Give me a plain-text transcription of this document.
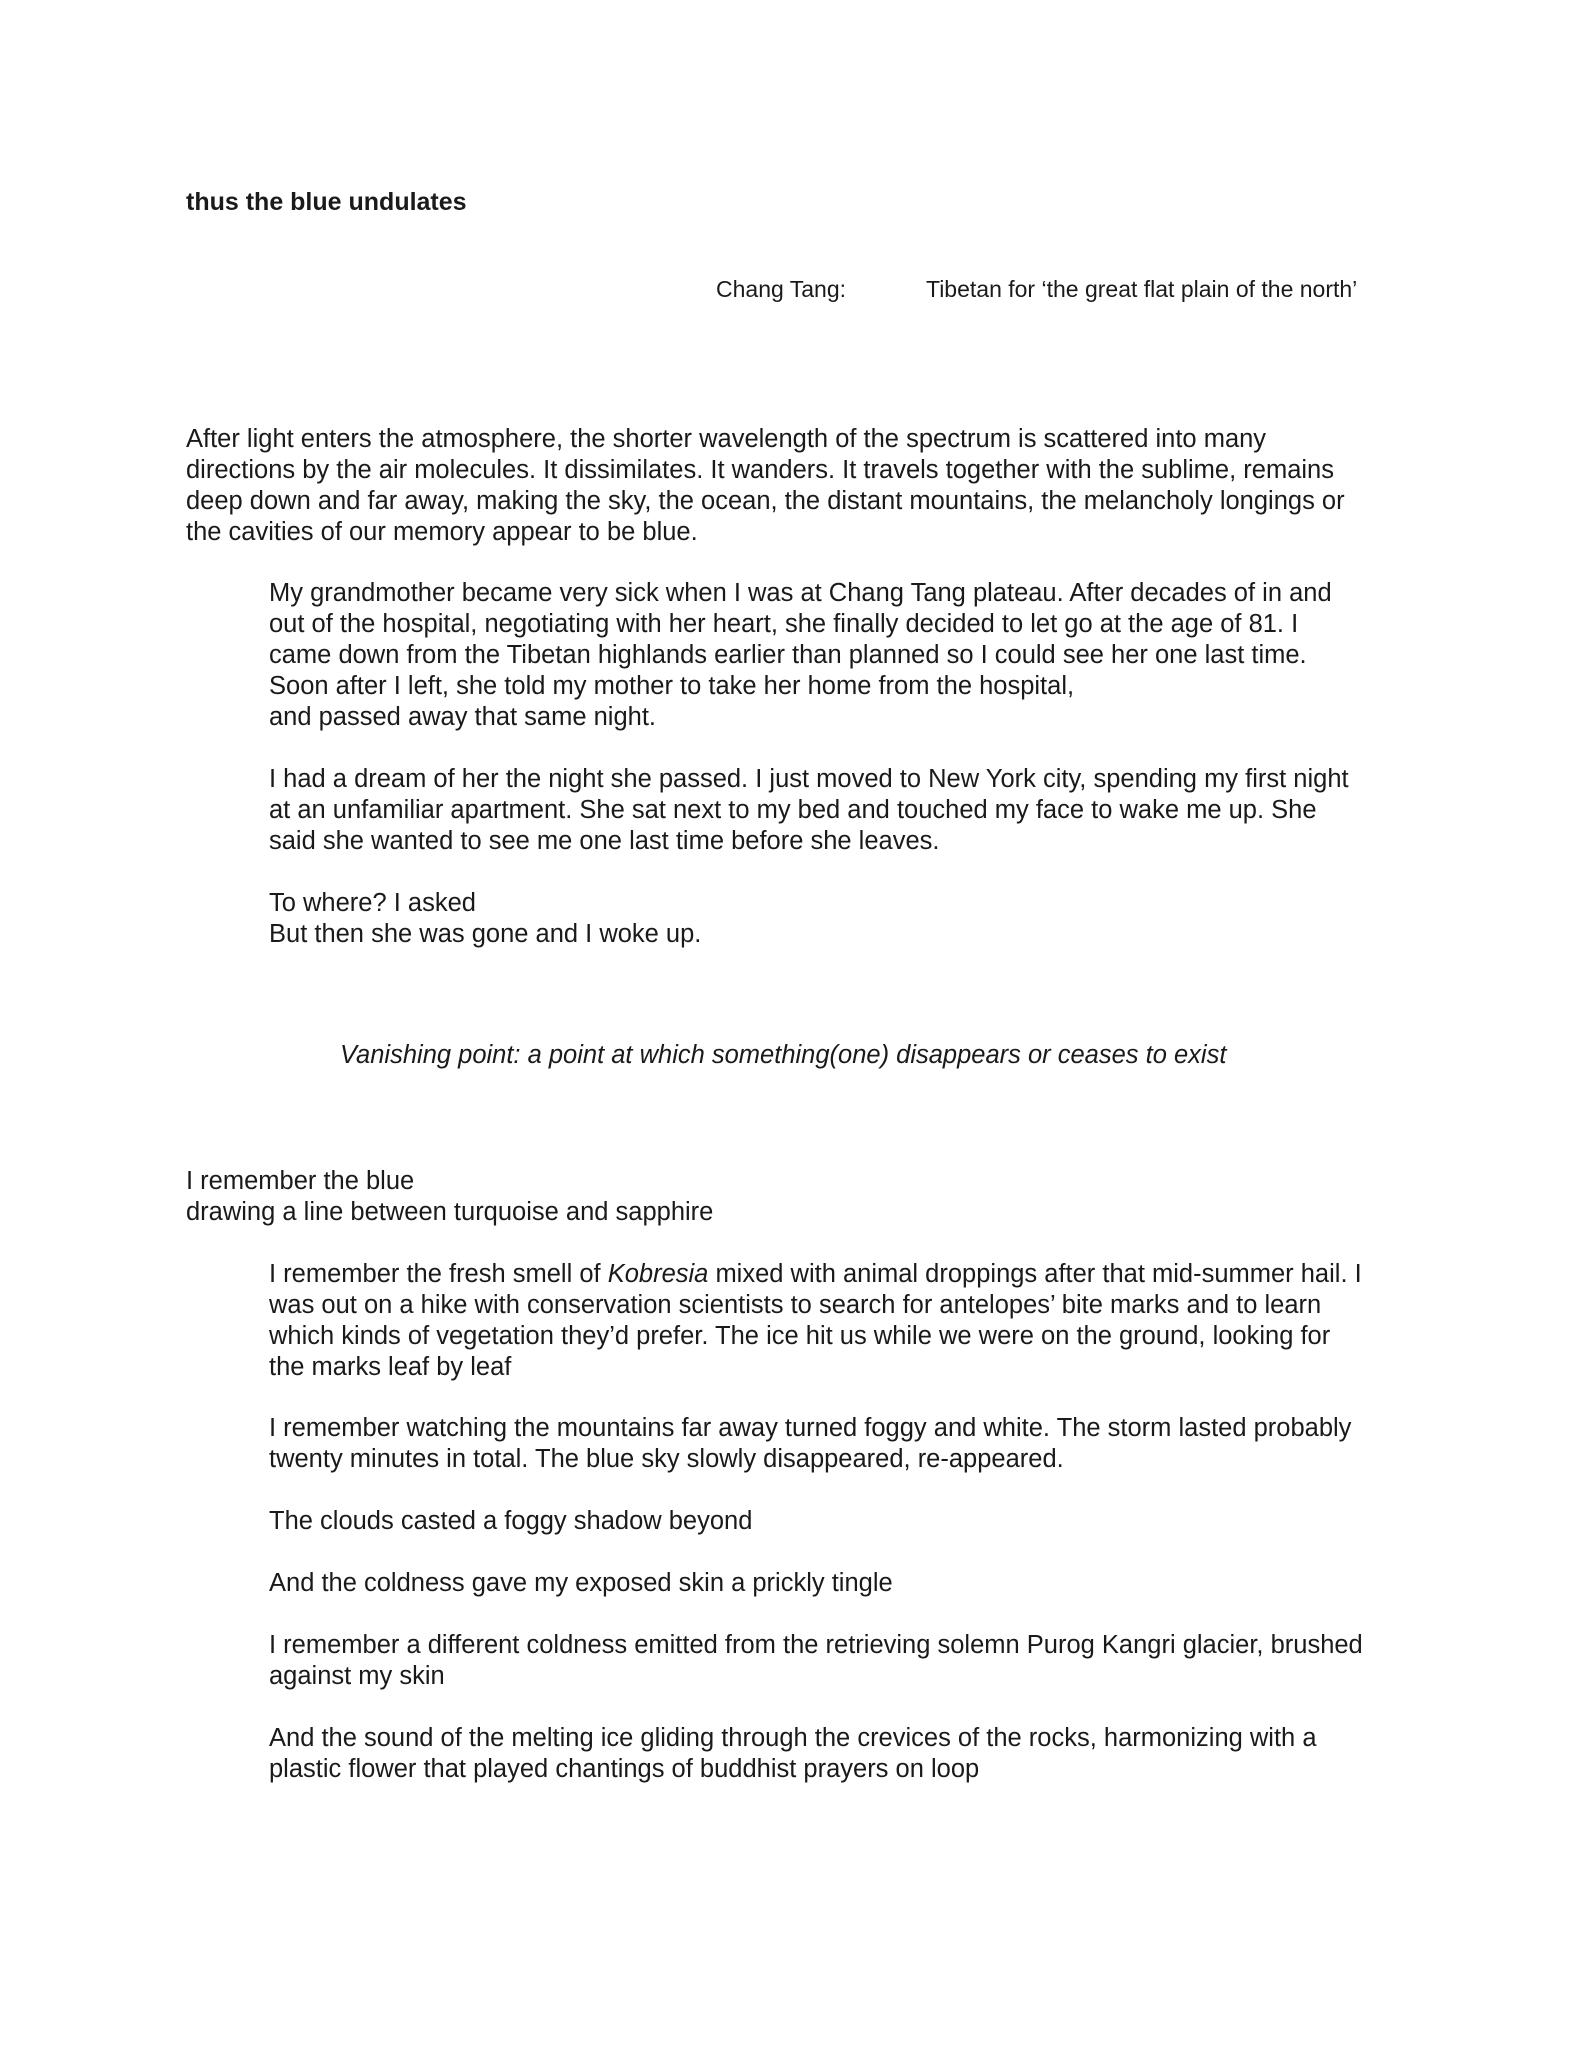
thus the blue undulates
Chang Tang:	Tibetan for ‘the great flat plain of the north’

After light enters the atmosphere, the shorter wavelength of the spectrum is scattered into many
directions by the air molecules. It dissimilates. It wanders. It travels together with the sublime, remains
deep down and far away, making the sky, the ocean, the distant mountains, the melancholy longings or
the cavities of our memory appear to be blue.

My grandmother became very sick when I was at Chang Tang plateau. After decades of in and
out of the hospital, negotiating with her heart, she finally decided to let go at the age of 81. I
came down from the Tibetan highlands earlier than planned so I could see her one last time.
Soon after I left, she told my mother to take her home from the hospital,
and passed away that same night.

I had a dream of her the night she passed. I just moved to New York city, spending my first night
at an unfamiliar apartment. She sat next to my bed and touched my face to wake me up. She
said she wanted to see me one last time before she leaves.

To where? I asked
But then she was gone and I woke up.

Vanishing point: a point at which something(one) disappears or ceases to exist

I remember the blue
drawing a line between turquoise and sapphire

I remember the fresh smell of Kobresia mixed with animal droppings after that mid-summer hail. I
was out on a hike with conservation scientists to search for antelopes’ bite marks and to learn
which kinds of vegetation they’d prefer. The ice hit us while we were on the ground, looking for
the marks leaf by leaf

I remember watching the mountains far away turned foggy and white. The storm lasted probably
twenty minutes in total. The blue sky slowly disappeared, re-appeared.

The clouds casted a foggy shadow beyond

And the coldness gave my exposed skin a prickly tingle

I remember a different coldness emitted from the retrieving solemn Purog Kangri glacier, brushed
against my skin

And the sound of the melting ice gliding through the crevices of the rocks, harmonizing with a
plastic flower that played chantings of buddhist prayers on loop
